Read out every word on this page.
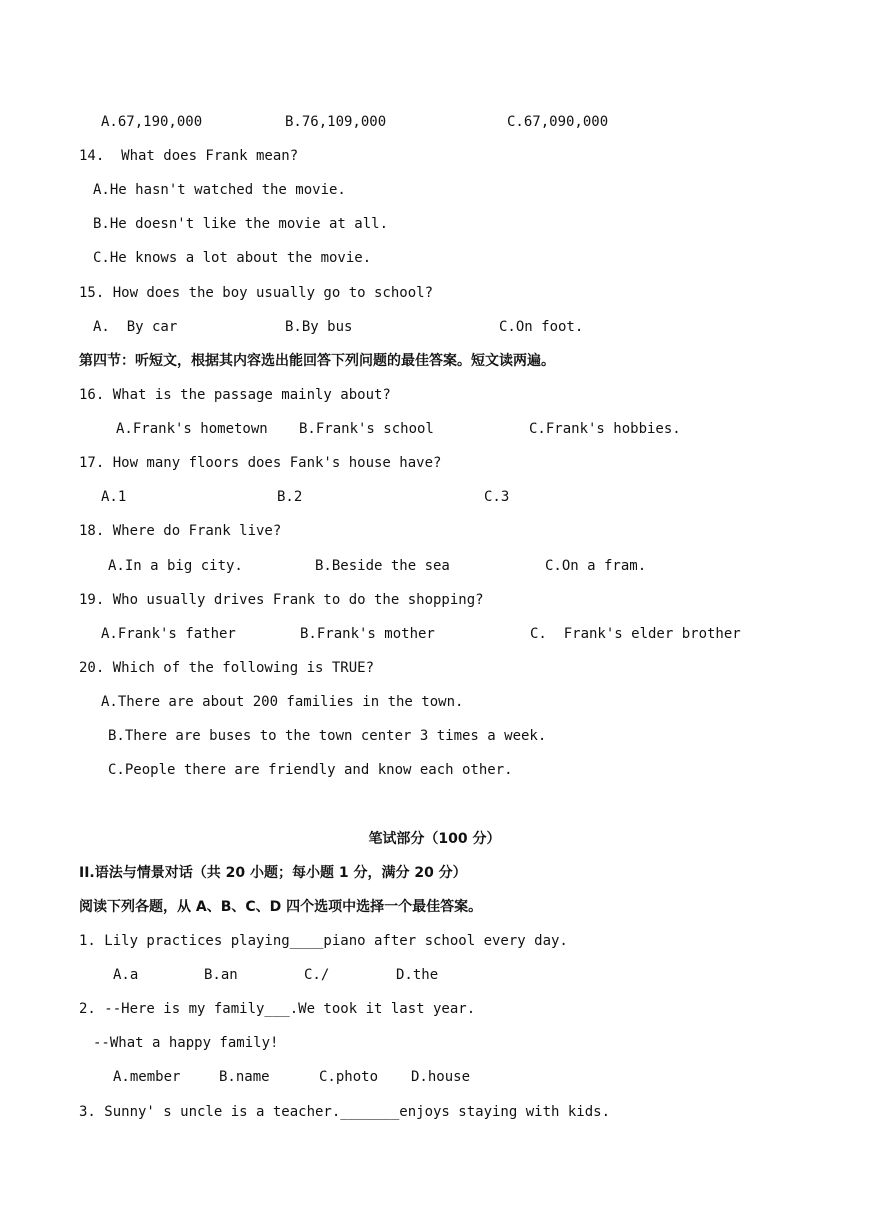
A.67,190,000	B.76,109,000	C.67,090,000
14.  What does Frank mean?
A.He hasn't watched the movie.
B.He doesn't like the movie at all.
C.He knows a lot about the movie.
15. How does the boy usually go to school?
A.  By car	B.By bus	C.On foot.
第四节：听短文，根据其内容选出能回答下列问题的最佳答案。短文读两遍。
16. What is the passage mainly about?
A.Frank's hometown B.Frank's school	C.Frank's hobbies.
17. How many floors does Fank's house have?
A.1	B.2	C.3
18. Where do Frank live?
A.In a big city.	B.Beside the sea	C.On a fram.
19. Who usually drives Frank to do the shopping?
A.Frank's father	B.Frank's mother	C.  Frank's elder brother
20. Which of the following is TRUE?
A.There are about 200 families in the town.
B.There are buses to the town center 3 times a week.
C.People there are friendly and know each other.
笔试部分（100 分）
II.语法与情景对话（共 20 小题；每小题 1 分，满分 20 分）
阅读下列各题，从 A、B、C、D 四个选项中选择一个最佳答案。
1. Lily practices playing____piano after school every day.
A.a	B.an	C./	D.the
2. --Here is my family___.We took it last year.
--What a happy family!
A.member	B.name	C.photo D.house
3. Sunny' s uncle is a teacher._______enjoys staying with kids.
